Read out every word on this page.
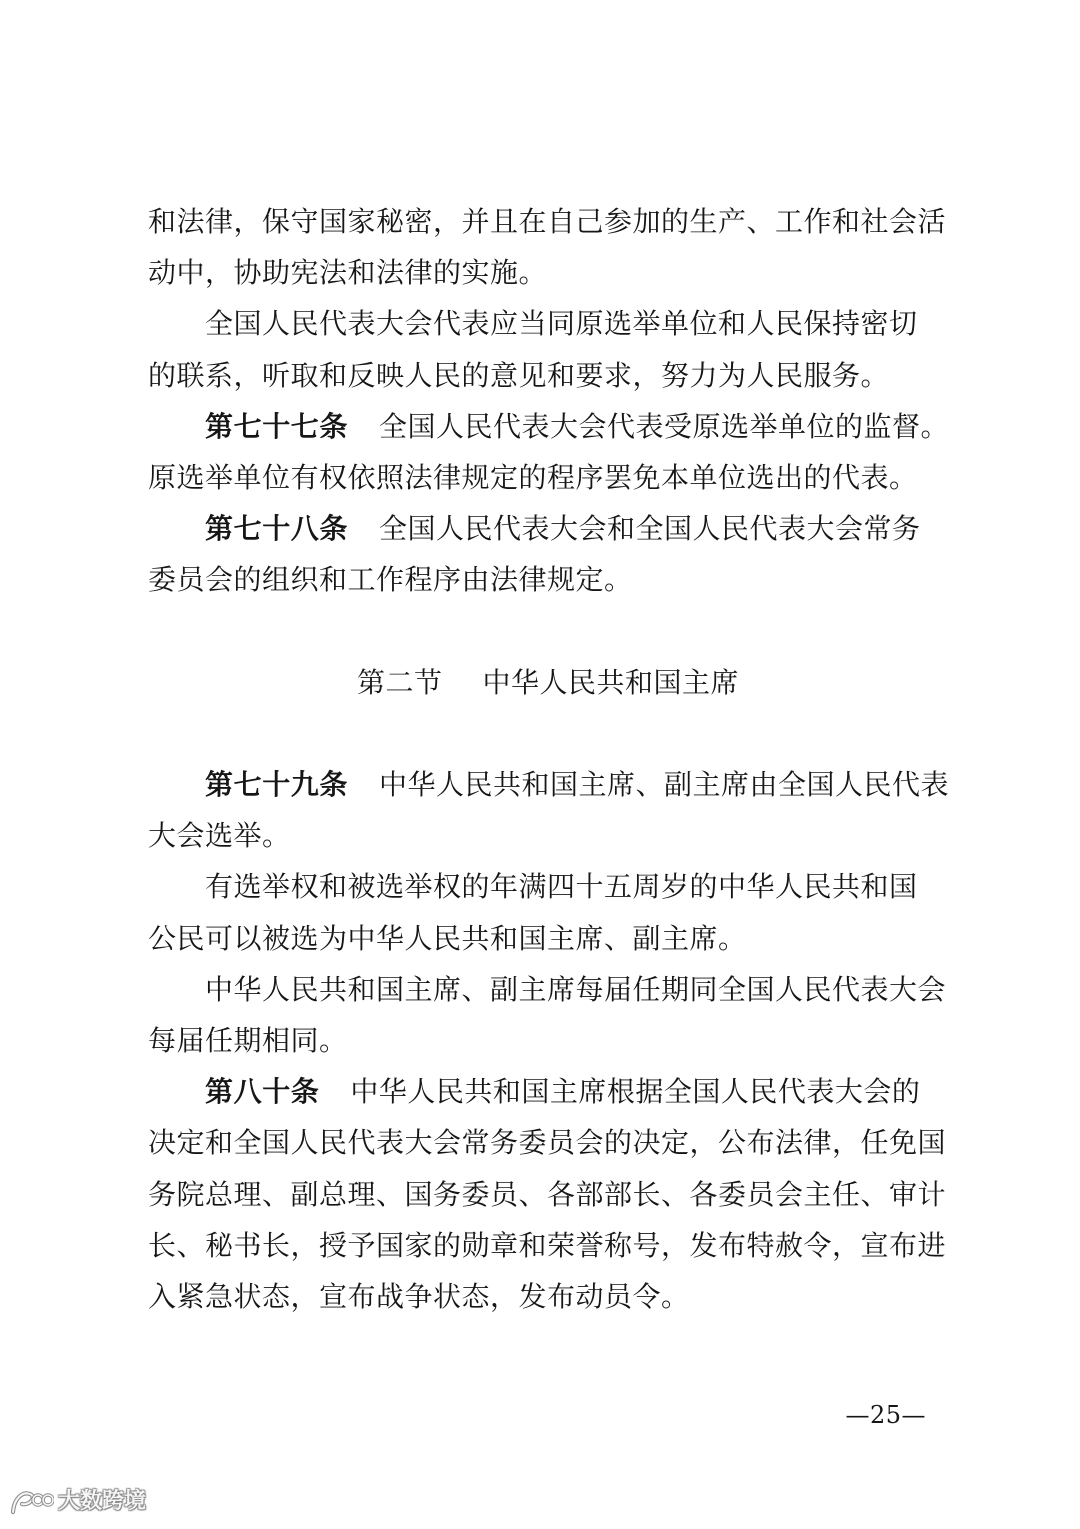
和法律，保守国家秘密，并且在自己参加的生产、工作和社会活
动中，协助宪法和法律的实施。
全国人民代表大会代表应当同原选举单位和人民保持密切
的联系，听取和反映人民的意见和要求，努力为人民服务。
第七十七条 全国人民代表大会代表受原选举单位的监督。
原选举单位有权依照法律规定的程序罢免本单位选出的代表。
第七十八条 全国人民代表大会和全国人民代表大会常务
委员会的组织和工作程序由法律规定。
第二节 中华人民共和国主席
第七十九条 中华人民共和国主席、副主席由全国人民代表
大会选举。
有选举权和被选举权的年满四十五周岁的中华人民共和国
公民可以被选为中华人民共和国主席、副主席。
中华人民共和国主席、副主席每届任期同全国人民代表大会
每届任期相同。
第八十条 中华人民共和国主席根据全国人民代表大会的
决定和全国人民代表大会常务委员会的决定，公布法律，任免国
务院总理、副总理、国务委员、各部部长、各委员会主任、审计
长、秘书长，授予国家的勋章和荣誉称号，发布特赦令，宣布进
入紧急状态，宣布战争状态，发布动员令。
—25—
大数跨境
